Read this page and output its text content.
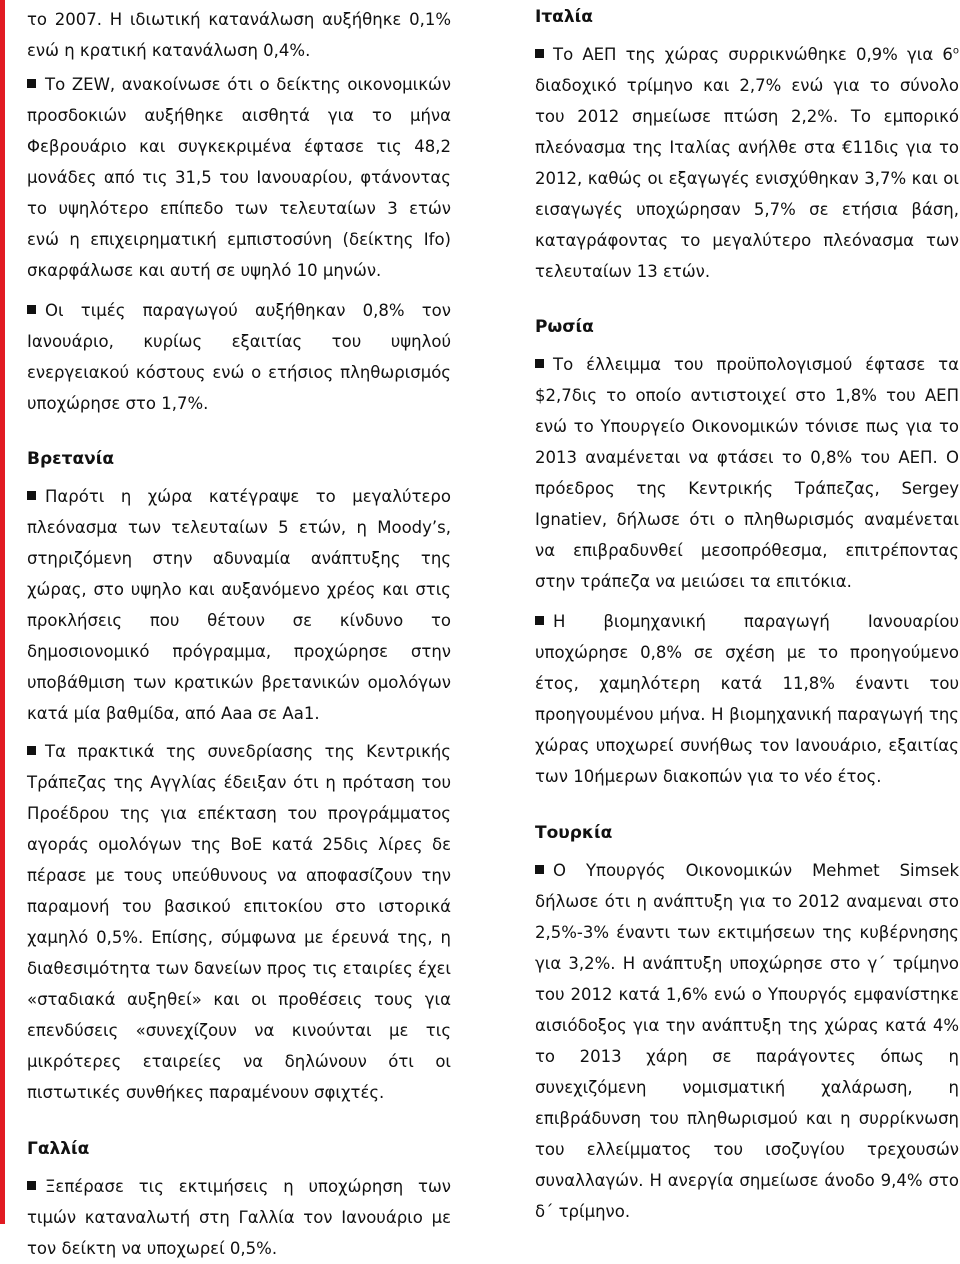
το 2007. Η ιδιωτική κατανάλωση αυξήθηκε 0,1% ενώ η κρατική κατανάλωση 0,4%.

Το ZEW, ανακοίνωσε ότι ο δείκτης οικονομικών προσδοκιών αυξήθηκε αισθητά για το μήνα Φεβρουάριο και συγκεκριμένα έφτασε τις 48,2 μονάδες από τις 31,5 του Ιανουαρίου, φτάνοντας το υψηλότερο επίπεδο των τελευταίων 3 ετών ενώ η επιχειρηματική εμπιστοσύνη (δείκτης Ifo) σκαρφάλωσε και αυτή σε υψηλό 10 μηνών.

Οι τιμές παραγωγού αυξήθηκαν 0,8% τον Ιανουάριο, κυρίως εξαιτίας του υψηλού ενεργειακού κόστους ενώ ο ετήσιος πληθωρισμός υποχώρησε στο 1,7%.

Βρετανία

Παρότι η χώρα κατέγραψε το μεγαλύτερο πλεόνασμα των τελευταίων 5 ετών, η Moody’s, στηριζόμενη στην αδυναμία ανάπτυξης της χώρας, στο υψηλο και αυξανόμενο χρέος και στις προκλήσεις που θέτουν σε κίνδυνο το δημοσιονομικό πρόγραμμα, προχώρησε στην υποβάθμιση των κρατικών βρετανικών ομολόγων κατά μία βαθμίδα, από Aaa σε Aa1.

Τα πρακτικά της συνεδρίασης της Κεντρικής Τράπεζας της Αγγλίας έδειξαν ότι η πρόταση του Προέδρου της για επέκταση του προγράμματος αγοράς ομολόγων της BoE κατά 25δις λίρες δε πέρασε με τους υπεύθυνους να αποφασίζουν την παραμονή του βασικού επιτοκίου στο ιστορικά χαμηλό 0,5%. Επίσης, σύμφωνα με έρευνά της, η διαθεσιμότητα των δανείων προς τις εταιρίες έχει «σταδιακά αυξηθεί» και οι προθέσεις τους για επενδύσεις «συνεχίζουν να κινούνται με τις μικρότερες εταιρείες να δηλώνουν ότι οι πιστωτικές συνθήκες παραμένουν σφιχτές.

Γαλλία

Ξεπέρασε τις εκτιμήσεις η υποχώρηση των τιμών καταναλωτή στη Γαλλία τον Ιανουάριο με τον δείκτη να υποχωρεί 0,5%.

Ιταλία

Το ΑΕΠ της χώρας συρρικνώθηκε 0,9% για $6^o$ διαδοχικό τρίμηνο και 2,7% ενώ για το σύνολο του 2012 σημείωσε πτώση 2,2%. Το εμπορικό πλεόνασμα της Ιταλίας ανήλθε στα €11δις για το 2012, καθώς οι εξαγωγές ενισχύθηκαν 3,7% και οι εισαγωγές υποχώρησαν 5,7% σε ετήσια βάση, καταγράφοντας το μεγαλύτερο πλεόνασμα των τελευταίων 13 ετών.

Ρωσία

Το έλλειμμα του προϋπολογισμού έφτασε τα $2,7δις το οποίο αντιστοιχεί στο 1,8% του ΑΕΠ ενώ το Υπουργείο Οικονομικών τόνισε πως για το 2013 αναμένεται να φτάσει το 0,8% του ΑΕΠ. Ο πρόεδρος της Κεντρικής Τράπεζας, Sergey Ignatiev, δήλωσε ότι ο πληθωρισμός αναμένεται να επιβραδυνθεί μεσοπρόθεσμα, επιτρέποντας στην τράπεζα να μειώσει τα επιτόκια.

Η βιομηχανική παραγωγή Ιανουαρίου υποχώρησε 0,8% σε σχέση με το προηγούμενο έτος, χαμηλότερη κατά 11,8% έναντι του προηγουμένου μήνα. Η βιομηχανική παραγωγή της χώρας υποχωρεί συνήθως τον Ιανουάριο, εξαιτίας των 10ήμερων διακοπών για το νέο έτος.

Τουρκία

Ο Υπουργός Οικονομικών Mehmet Simsek δήλωσε ότι η ανάπτυξη για το 2012 αναμεναι στο 2,5%-3% έναντι των εκτιμήσεων της κυβέρνησης για 3,2%. Η ανάπτυξη υποχώρησε στο γ΄ τρίμηνο του 2012 κατά 1,6% ενώ ο Υπουργός εμφανίστηκε αισιόδοξος για την ανάπτυξη της χώρας κατά 4% το 2013 χάρη σε παράγοντες όπως η συνεχιζόμενη νομισματική χαλάρωση, η επιβράδυνση του πληθωρισμού και η συρρίκνωση του ελλείμματος του ισοζυγίου τρεχουσών συναλλαγών. Η ανεργία σημείωσε άνοδο 9,4% στο δ΄ τρίμηνο.
